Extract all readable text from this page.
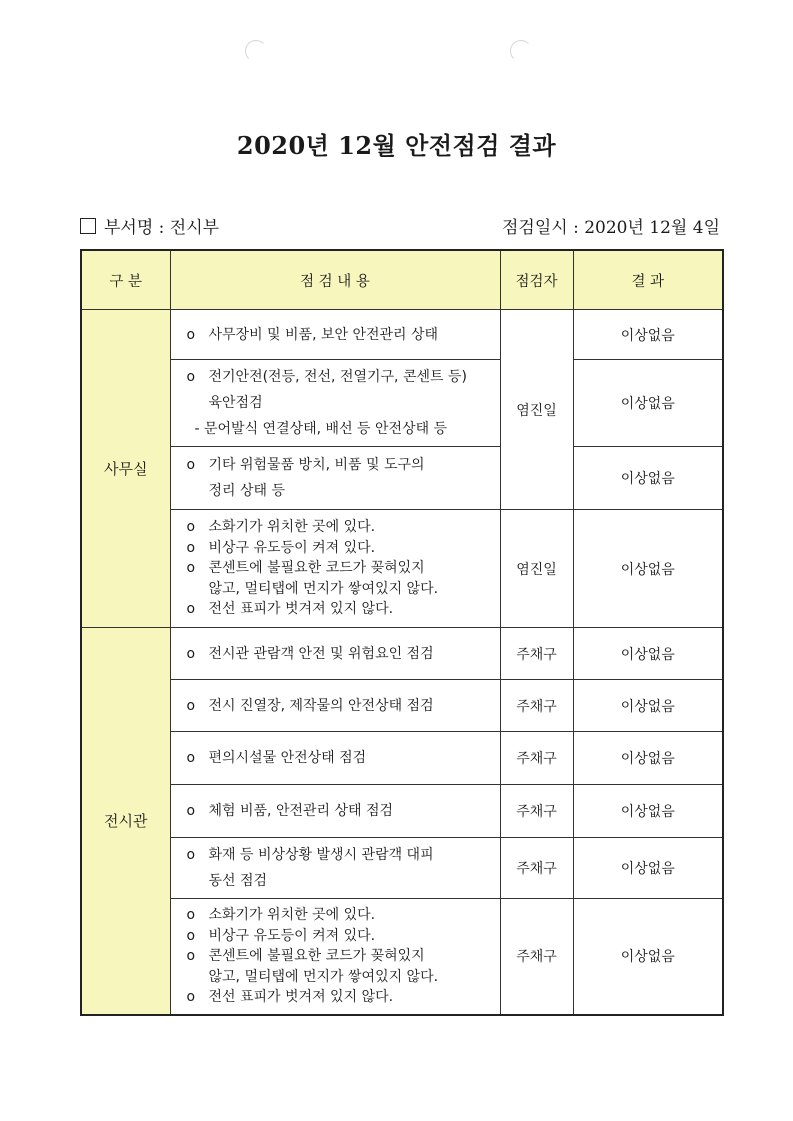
2020년 12월 안전점검 결과
부서명 : 전시부	점검일시 : 2020년 12월 4일
구 분	점 검 내 용	점검자	결 과
사무실	o 사무장비 및 비품, 보안 안전관리 상태	염진일	이상없음

	o 전기안전(전등, 전선, 전열기구, 콘센트 등)
육안점검
- 문어발식 연결상태, 배선 등 안전상태 등		이상없음

	o 기타 위험물품 방치, 비품 및 도구의
정리 상태 등		이상없음

	o 소화기가 위치한 곳에 있다.
o 비상구 유도등이 켜져 있다.
o 콘센트에 불필요한 코드가 꽂혀있지
않고, 멀티탭에 먼지가 쌓여있지 않다.
o 전선 표피가 벗겨져 있지 않다.	염진일	이상없음
전시관	o 전시관 관람객 안전 및 위험요인 점검	주채구	이상없음

	o 전시 진열장, 제작물의 안전상태 점검	주채구	이상없음

	o 편의시설물 안전상태 점검	주채구	이상없음

	o 체험 비품, 안전관리 상태 점검	주채구	이상없음

	o 화재 등 비상상황 발생시 관람객 대피
동선 점검	주채구	이상없음

	o 소화기가 위치한 곳에 있다.
o 비상구 유도등이 켜져 있다.
o 콘센트에 불필요한 코드가 꽂혀있지
않고, 멀티탭에 먼지가 쌓여있지 않다.
o 전선 표피가 벗겨져 있지 않다.	주채구	이상없음
